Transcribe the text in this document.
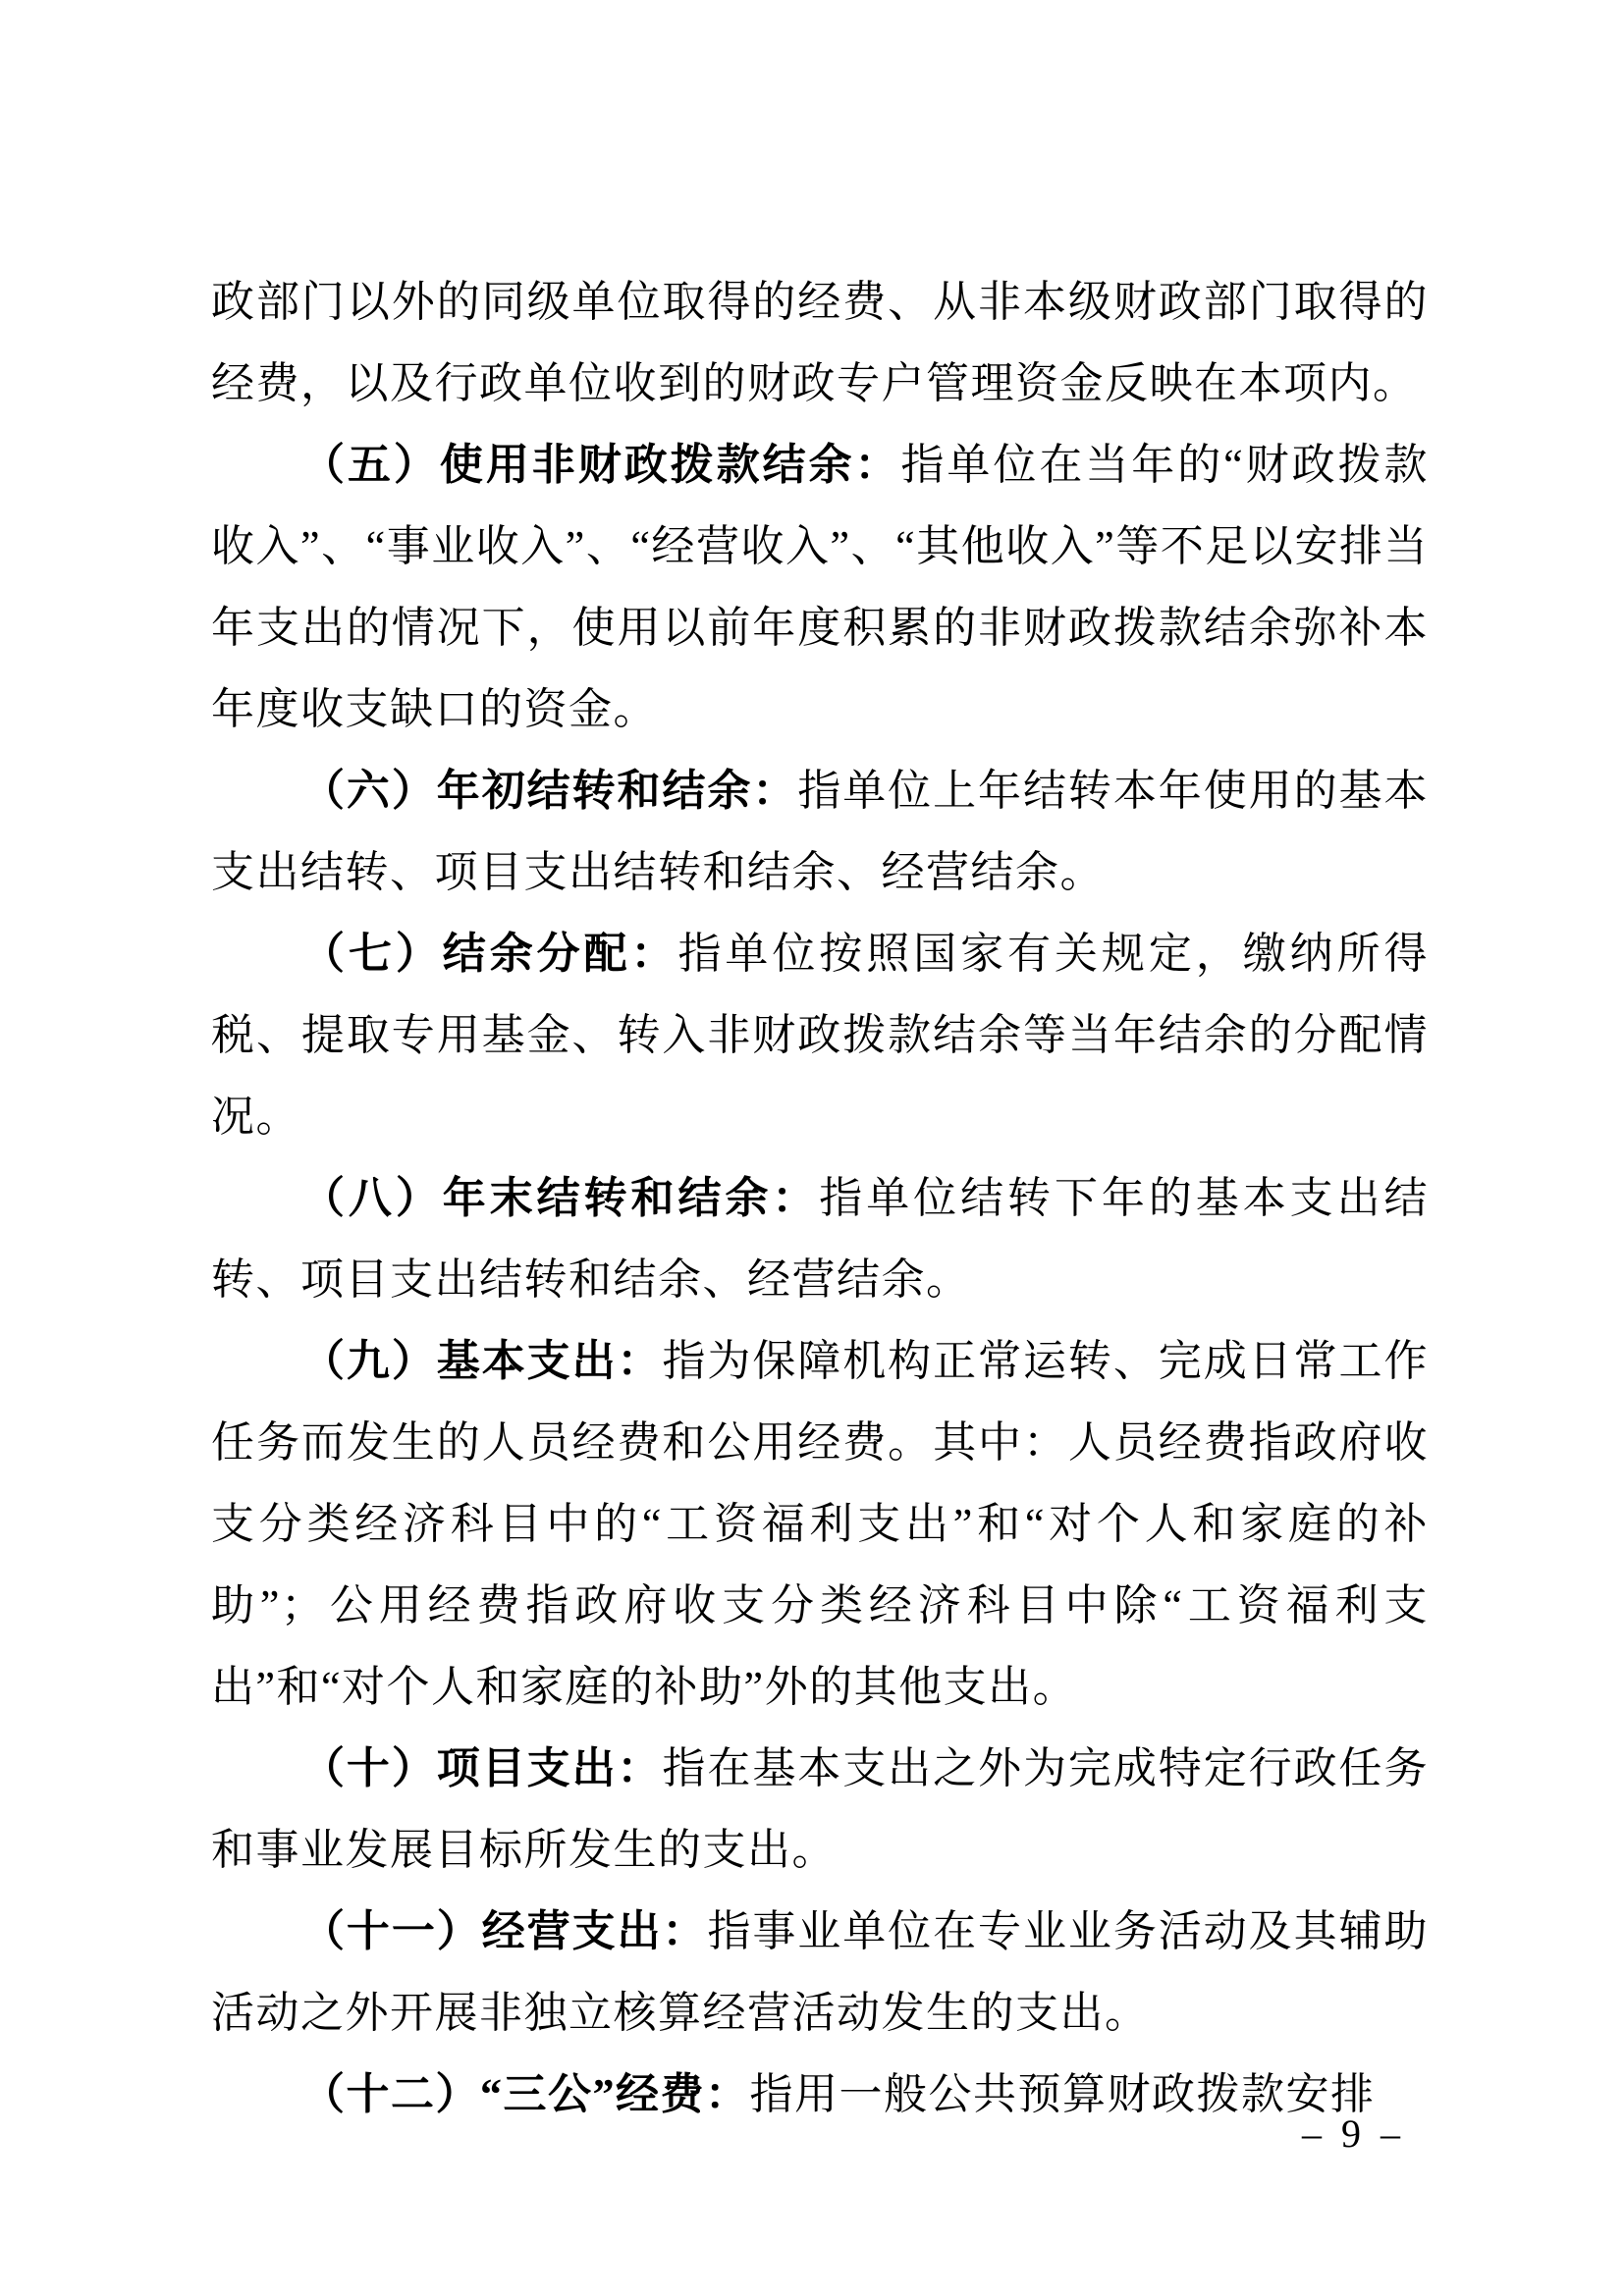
政部门以外的同级单位取得的经费、从非本级财政部门取得的经费，以及行政单位收到的财政专户管理资金反映在本项内。

（五）使用非财政拨款结余：指单位在当年的“财政拨款收入”、“事业收入”、“经营收入”、“其他收入”等不足以安排当年支出的情况下，使用以前年度积累的非财政拨款结余弥补本年度收支缺口的资金。

（六）年初结转和结余：指单位上年结转本年使用的基本支出结转、项目支出结转和结余、经营结余。

（七）结余分配：指单位按照国家有关规定，缴纳所得税、提取专用基金、转入非财政拨款结余等当年结余的分配情况。

（八）年末结转和结余：指单位结转下年的基本支出结转、项目支出结转和结余、经营结余。

（九）基本支出：指为保障机构正常运转、完成日常工作任务而发生的人员经费和公用经费。其中：人员经费指政府收支分类经济科目中的“工资福利支出”和“对个人和家庭的补助”；公用经费指政府收支分类经济科目中除“工资福利支出”和“对个人和家庭的补助”外的其他支出。

（十）项目支出：指在基本支出之外为完成特定行政任务和事业发展目标所发生的支出。

（十一）经营支出：指事业单位在专业业务活动及其辅助活动之外开展非独立核算经营活动发生的支出。

（十二）“三公”经费：指用一般公共预算财政拨款安排

– 9 –
